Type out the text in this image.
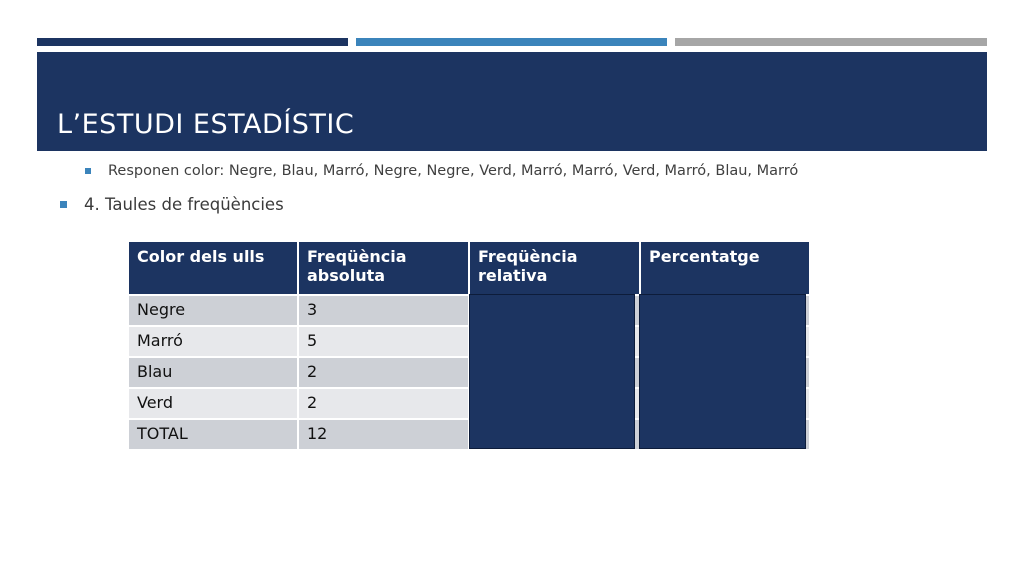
L’ESTUDI ESTADÍSTIC
Responen color: Negre, Blau, Marró, Negre, Negre, Verd, Marró, Marró, Verd, Marró, Blau, Marró
4. Taules de freqüències
Color dels ulls	Freqüència absoluta	Freqüència relativa	Percentatge
Negre	3		
Marró	5		
Blau	2		
Verd	2		
TOTAL	12		
